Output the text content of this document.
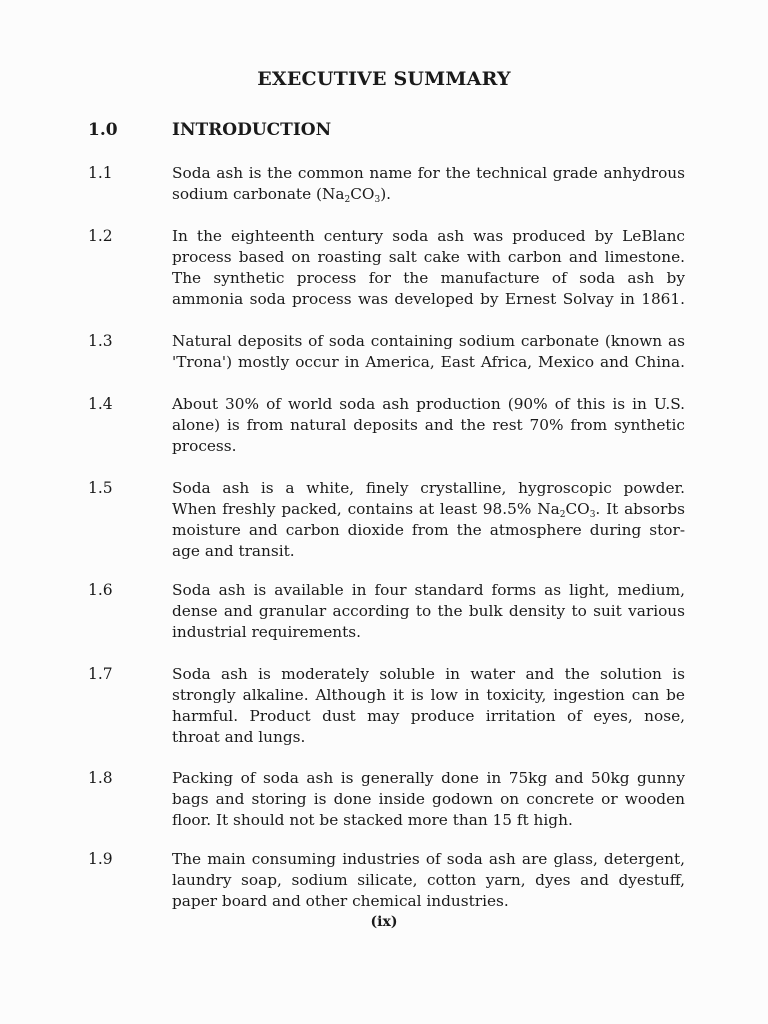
EXECUTIVE SUMMARY
1.0	INTRODUCTION
1.1	Soda ash is the common name for the technical grade anhydrous
sodium carbonate $(Na_2CO_3)$.
1.2	In the eighteenth century soda ash was produced by LeBlanc
process based on roasting salt cake with carbon and limestone.
The synthetic process for the manufacture of soda ash by
ammonia soda process was developed by Ernest Solvay in 1861.
1.3	Natural deposits of soda containing sodium carbonate (known as
'Trona') mostly occur in America, East Africa, Mexico and China.
1.4	About 30% of world soda ash production (90% of this is in U.S.
alone) is from natural deposits and the rest 70% from synthetic
process.
1.5	Soda ash is a white, finely crystalline, hygroscopic powder.
When freshly packed, contains at least 98.5% $Na_2CO_3$. It absorbs
moisture and carbon dioxide from the atmosphere during stor-
age and transit.
1.6	Soda ash is available in four standard forms as light, medium,
dense and granular according to the bulk density to suit various
industrial requirements.
1.7	Soda ash is moderately soluble in water and the solution is
strongly alkaline. Although it is low in toxicity, ingestion can be
harmful. Product dust may produce irritation of eyes, nose,
throat and lungs.
1.8	Packing of soda ash is generally done in 75kg and 50kg gunny
bags and storing is done inside godown on concrete or wooden
floor. It should not be stacked more than 15 ft high.
1.9	The main consuming industries of soda ash are glass, detergent,
laundry soap, sodium silicate, cotton yarn, dyes and dyestuff,
paper board and other chemical industries.
(ix)
